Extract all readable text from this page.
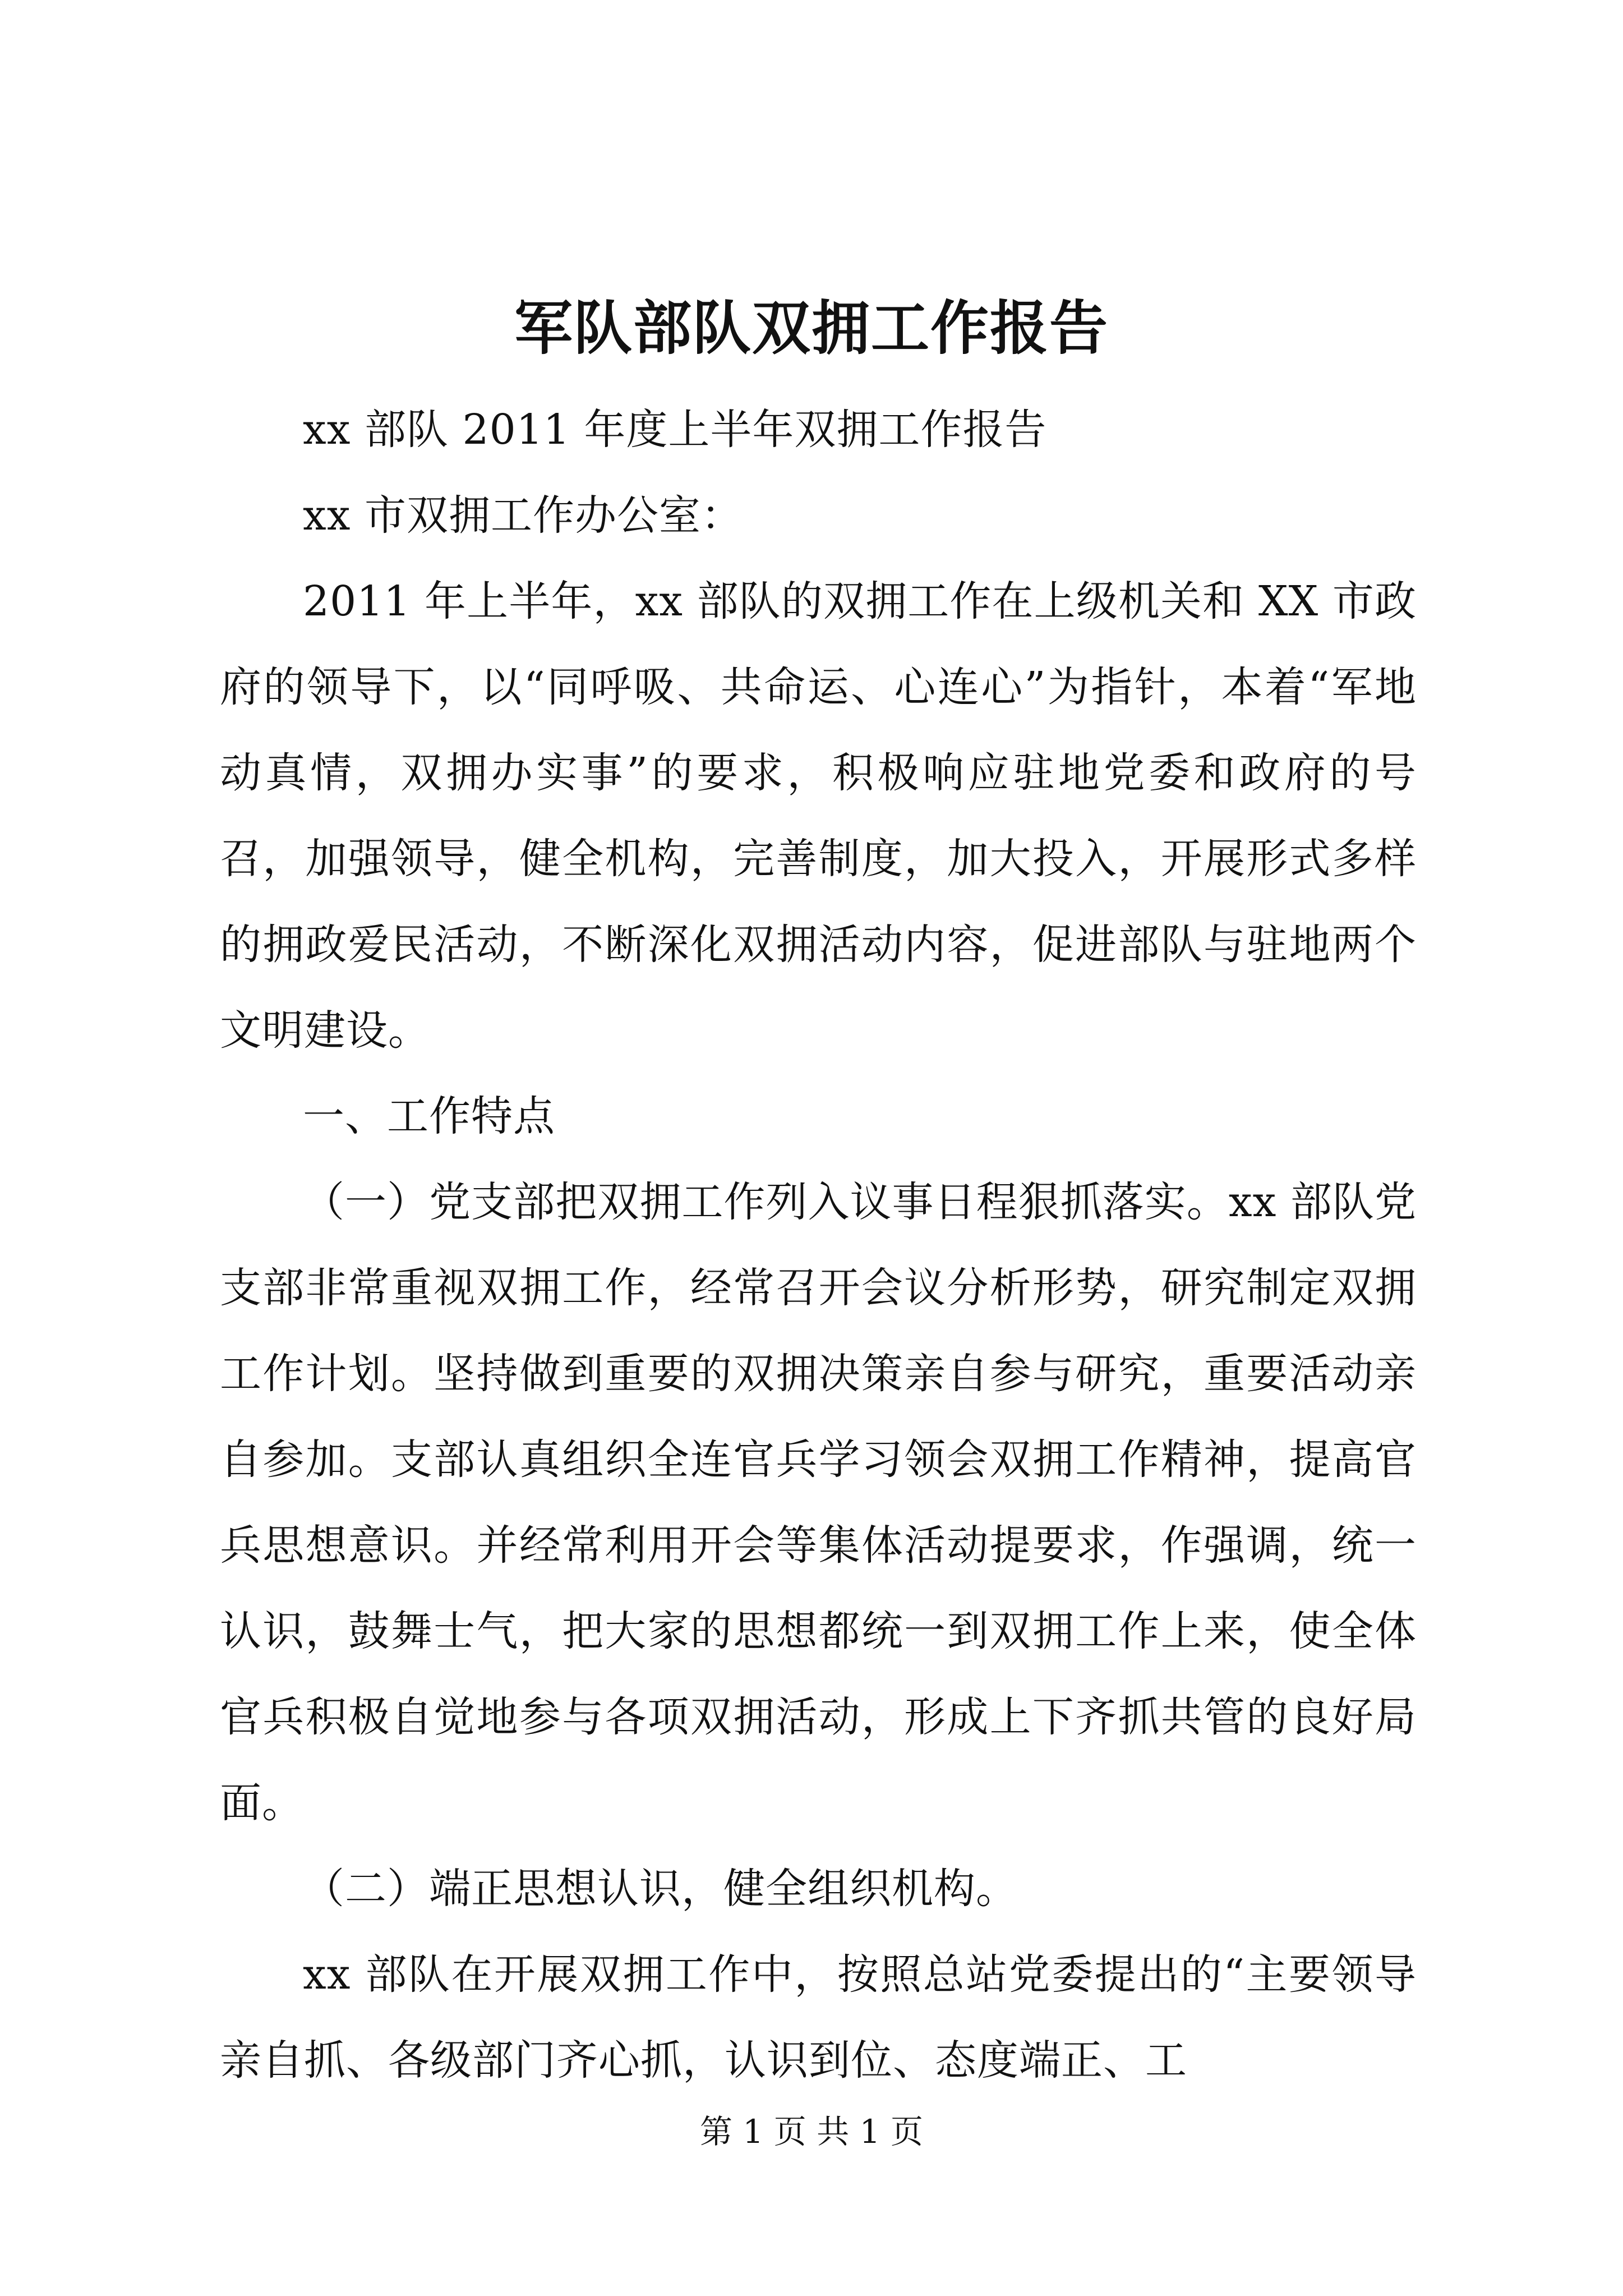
军队部队双拥工作报告

xx 部队 2011 年度上半年双拥工作报告

xx 市双拥工作办公室：

2011 年上半年，xx 部队的双拥工作在上级机关和 XX 市政府的领导下，以“同呼吸、共命运、心连心”为指针，本着“军地动真情，双拥办实事”的要求，积极响应驻地党委和政府的号召，加强领导，健全机构，完善制度，加大投入，开展形式多样的拥政爱民活动，不断深化双拥活动内容，促进部队与驻地两个文明建设。

一、工作特点

（一）党支部把双拥工作列入议事日程狠抓落实。xx 部队党支部非常重视双拥工作，经常召开会议分析形势，研究制定双拥工作计划。坚持做到重要的双拥决策亲自参与研究，重要活动亲自参加。支部认真组织全连官兵学习领会双拥工作精神，提高官兵思想意识。并经常利用开会等集体活动提要求，作强调，统一认识，鼓舞士气，把大家的思想都统一到双拥工作上来，使全体官兵积极自觉地参与各项双拥活动，形成上下齐抓共管的良好局面。

（二）端正思想认识，健全组织机构。

xx 部队在开展双拥工作中，按照总站党委提出的“主要领导亲自抓、各级部门齐心抓，认识到位、态度端正、工

第 1 页 共 1 页
